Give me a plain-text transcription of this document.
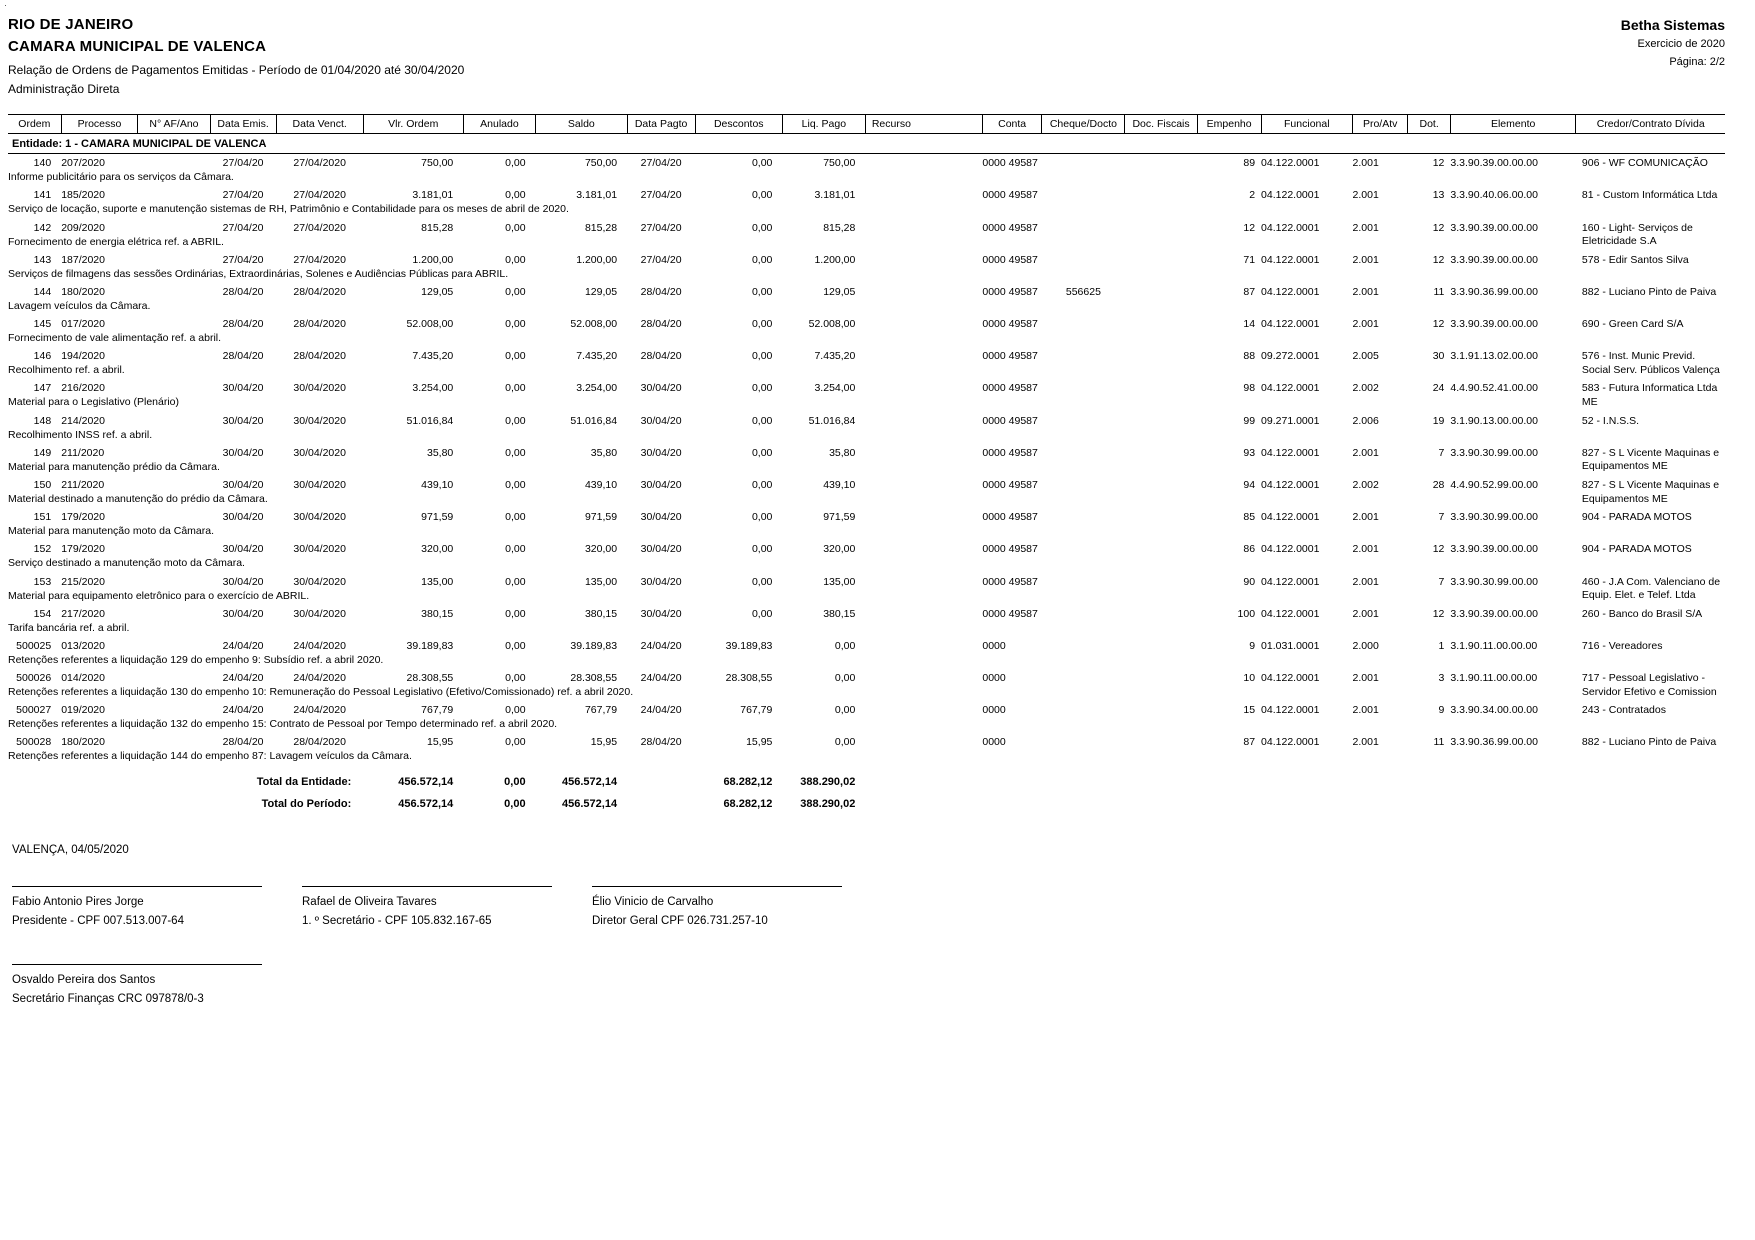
·
RIO DE JANEIRO
CAMARA MUNICIPAL DE VALENCA
Relação de Ordens de Pagamentos Emitidas - Período de 01/04/2020 até 30/04/2020
Administração Direta
Betha Sistemas
Exercicio de 2020
Página: 2/2
Ordem	Processo	N° AF/Ano	Data Emis.	Data Venct.	Vlr. Ordem	Anulado	Saldo	Data Pagto	Descontos	Liq. Pago	Recurso	Conta	Cheque/Docto	Doc. Fiscais	Empenho	Funcional	Pro/Atv	Dot.	Elemento	Credor/Contrato Dívida
Entidade: 1 - CAMARA MUNICIPAL DE VALENCA																				
140	207/2020		27/04/20	27/04/2020	750,00	0,00	750,00	27/04/20	0,00	750,00		0000 49587			89	04.122.0001	2.001	12	3.3.90.39.00.00.00	906 - WF COMUNICAÇÃO
Informe publicitário para os serviços da Câmara.																				
141	185/2020		27/04/20	27/04/2020	3.181,01	0,00	3.181,01	27/04/20	0,00	3.181,01		0000 49587			2	04.122.0001	2.001	13	3.3.90.40.06.00.00	81 - Custom Informática Ltda
Serviço de locação, suporte e manutenção sistemas de RH, Patrimônio e Contabilidade para os meses de abril de 2020.																				
142	209/2020		27/04/20	27/04/2020	815,28	0,00	815,28	27/04/20	0,00	815,28		0000 49587			12	04.122.0001	2.001	12	3.3.90.39.00.00.00	160 - Light- Serviços de Eletricidade S.A
Fornecimento de energia elétrica ref. a ABRIL.																				
143	187/2020		27/04/20	27/04/2020	1.200,00	0,00	1.200,00	27/04/20	0,00	1.200,00		0000 49587			71	04.122.0001	2.001	12	3.3.90.39.00.00.00	578 - Edir Santos Silva
Serviços de filmagens das sessões Ordinárias, Extraordinárias, Solenes e Audiências Públicas para ABRIL.																				
144	180/2020		28/04/20	28/04/2020	129,05	0,00	129,05	28/04/20	0,00	129,05		0000 49587	556625		87	04.122.0001	2.001	11	3.3.90.36.99.00.00	882 - Luciano Pinto de Paiva
Lavagem veículos da Câmara.																				
145	017/2020		28/04/20	28/04/2020	52.008,00	0,00	52.008,00	28/04/20	0,00	52.008,00		0000 49587			14	04.122.0001	2.001	12	3.3.90.39.00.00.00	690 - Green Card S/A
Fornecimento de vale alimentação ref. a abril.																				
146	194/2020		28/04/20	28/04/2020	7.435,20	0,00	7.435,20	28/04/20	0,00	7.435,20		0000 49587			88	09.272.0001	2.005	30	3.1.91.13.02.00.00	576 - Inst. Munic Previd. Social Serv. Públicos Valença
Recolhimento ref. a abril.																				
147	216/2020		30/04/20	30/04/2020	3.254,00	0,00	3.254,00	30/04/20	0,00	3.254,00		0000 49587			98	04.122.0001	2.002	24	4.4.90.52.41.00.00	583 - Futura Informatica Ltda ME
Material para o Legislativo (Plenário)																				
148	214/2020		30/04/20	30/04/2020	51.016,84	0,00	51.016,84	30/04/20	0,00	51.016,84		0000 49587			99	09.271.0001	2.006	19	3.1.90.13.00.00.00	52 - I.N.S.S.
Recolhimento INSS ref. a abril.																				
149	211/2020		30/04/20	30/04/2020	35,80	0,00	35,80	30/04/20	0,00	35,80		0000 49587			93	04.122.0001	2.001	7	3.3.90.30.99.00.00	827 - S L Vicente Maquinas e Equipamentos ME
Material para manutenção prédio da Câmara.																				
150	211/2020		30/04/20	30/04/2020	439,10	0,00	439,10	30/04/20	0,00	439,10		0000 49587			94	04.122.0001	2.002	28	4.4.90.52.99.00.00	827 - S L Vicente Maquinas e Equipamentos ME
Material destinado a manutenção do prédio da Câmara.																				
151	179/2020		30/04/20	30/04/2020	971,59	0,00	971,59	30/04/20	0,00	971,59		0000 49587			85	04.122.0001	2.001	7	3.3.90.30.99.00.00	904 - PARADA MOTOS
Material para manutenção moto da Câmara.																				
152	179/2020		30/04/20	30/04/2020	320,00	0,00	320,00	30/04/20	0,00	320,00		0000 49587			86	04.122.0001	2.001	12	3.3.90.39.00.00.00	904 - PARADA MOTOS
Serviço destinado a manutenção moto da Câmara.																				
153	215/2020		30/04/20	30/04/2020	135,00	0,00	135,00	30/04/20	0,00	135,00		0000 49587			90	04.122.0001	2.001	7	3.3.90.30.99.00.00	460 - J.A Com. Valenciano de Equip. Elet. e Telef. Ltda
Material para equipamento eletrônico para o exercício de ABRIL.																				
154	217/2020		30/04/20	30/04/2020	380,15	0,00	380,15	30/04/20	0,00	380,15		0000 49587			100	04.122.0001	2.001	12	3.3.90.39.00.00.00	260 - Banco do Brasil S/A
Tarifa bancária ref. a abril.																				
500025	013/2020		24/04/20	24/04/2020	39.189,83	0,00	39.189,83	24/04/20	39.189,83	0,00		0000			9	01.031.0001	2.000	1	3.1.90.11.00.00.00	716 - Vereadores
Retenções referentes a liquidação 129 do empenho 9: Subsídio ref. a abril 2020.																				
500026	014/2020		24/04/20	24/04/2020	28.308,55	0,00	28.308,55	24/04/20	28.308,55	0,00		0000			10	04.122.0001	2.001	3	3.1.90.11.00.00.00	717 - Pessoal Legislativo - Servidor Efetivo e Comission
Retenções referentes a liquidação 130 do empenho 10: Remuneração do Pessoal Legislativo (Efetivo/Comissionado) ref. a abril 2020.																				
500027	019/2020		24/04/20	24/04/2020	767,79	0,00	767,79	24/04/20	767,79	0,00		0000			15	04.122.0001	2.001	9	3.3.90.34.00.00.00	243 - Contratados
Retenções referentes a liquidação 132 do empenho 15: Contrato de Pessoal por Tempo determinado ref. a abril 2020.																				
500028	180/2020		28/04/20	28/04/2020	15,95	0,00	15,95	28/04/20	15,95	0,00		0000			87	04.122.0001	2.001	11	3.3.90.36.99.00.00	882 - Luciano Pinto de Paiva
Retenções referentes a liquidação 144 do empenho 87: Lavagem veículos da Câmara.																				
Total da Entidade:					456.572,14	0,00	456.572,14		68.282,12	388.290,02										
Total do Período:					456.572,14	0,00	456.572,14		68.282,12	388.290,02										
VALENÇA, 04/05/2020
Fabio Antonio Pires Jorge
Presidente - CPF 007.513.007-64
Rafael de Oliveira Tavares
1. º Secretário - CPF 105.832.167-65
Élio Vinicio de Carvalho
Diretor Geral CPF 026.731.257-10
Osvaldo Pereira dos Santos
Secretário Finanças CRC 097878/0-3
